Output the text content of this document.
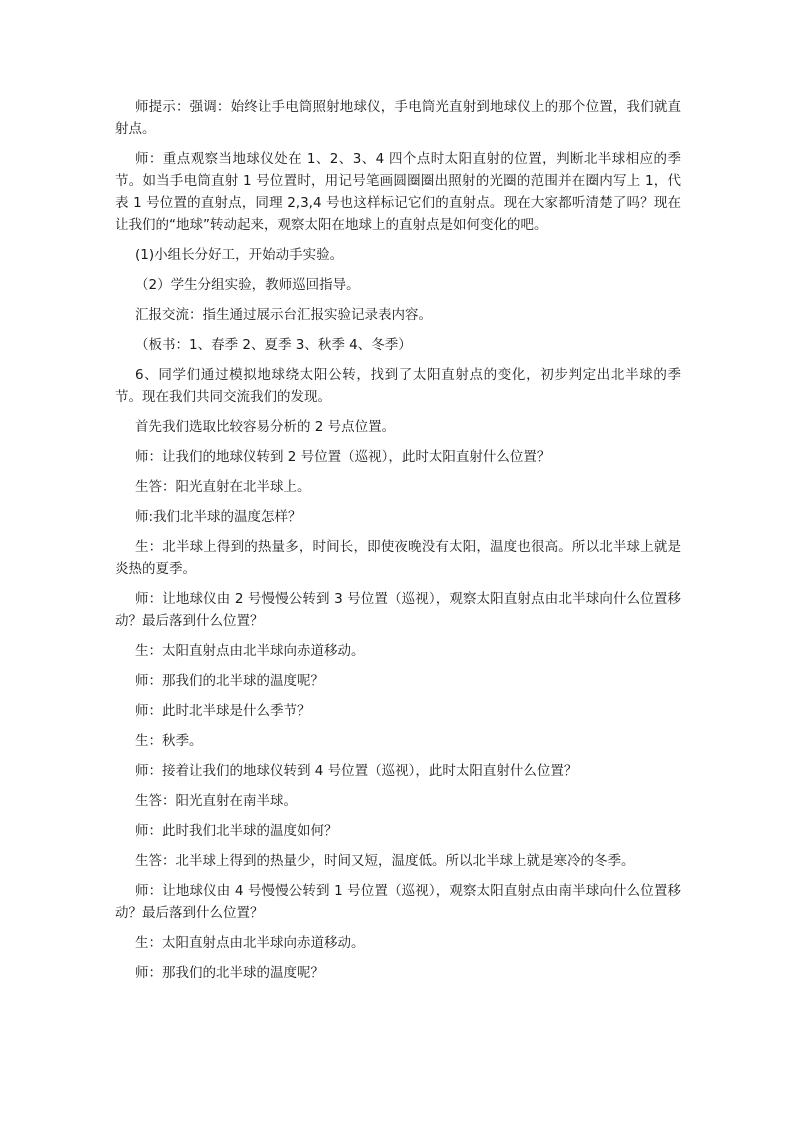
师提示：强调：始终让手电筒照射地球仪，手电筒光直射到地球仪上的那个位置，我们就直射点。

师：重点观察当地球仪处在 1、2、3、4 四个点时太阳直射的位置，判断北半球相应的季节。如当手电筒直射 1 号位置时，用记号笔画圆圈圈出照射的光圈的范围并在圈内写上 1，代表 1 号位置的直射点，同理 2,3,4 号也这样标记它们的直射点。现在大家都听清楚了吗？现在让我们的“地球”转动起来，观察太阳在地球上的直射点是如何变化的吧。

(1)小组长分好工，开始动手实验。

（2）学生分组实验，教师巡回指导。

汇报交流：指生通过展示台汇报实验记录表内容。

（板书：1、春季 2、夏季 3、秋季 4、冬季）

6、同学们通过模拟地球绕太阳公转，找到了太阳直射点的变化，初步判定出北半球的季节。现在我们共同交流我们的发现。

首先我们选取比较容易分析的 2 号点位置。

师：让我们的地球仪转到 2 号位置（巡视），此时太阳直射什么位置？

生答：阳光直射在北半球上。

师:我们北半球的温度怎样？

生：北半球上得到的热量多，时间长，即使夜晚没有太阳，温度也很高。所以北半球上就是炎热的夏季。

师：让地球仪由 2 号慢慢公转到 3 号位置（巡视），观察太阳直射点由北半球向什么位置移动？最后落到什么位置？

生：太阳直射点由北半球向赤道移动。

师：那我们的北半球的温度呢？

师：此时北半球是什么季节？

生：秋季。

师：接着让我们的地球仪转到 4 号位置（巡视），此时太阳直射什么位置？

生答：阳光直射在南半球。

师：此时我们北半球的温度如何？

生答：北半球上得到的热量少，时间又短，温度低。所以北半球上就是寒冷的冬季。

师：让地球仪由 4 号慢慢公转到 1 号位置（巡视），观察太阳直射点由南半球向什么位置移动？最后落到什么位置？

生：太阳直射点由北半球向赤道移动。

师：那我们的北半球的温度呢？
